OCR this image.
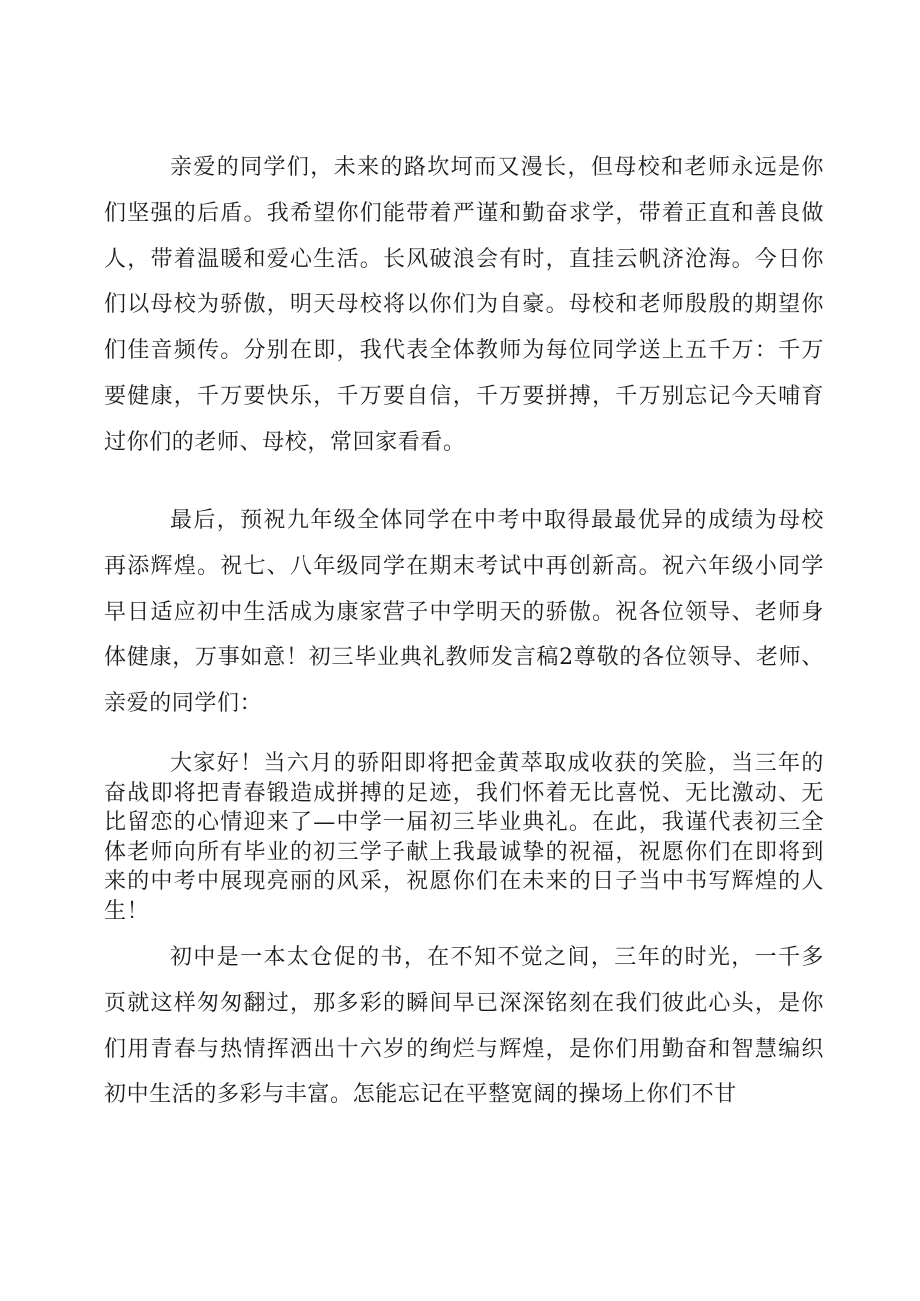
亲爱的同学们，未来的路坎坷而又漫长，但母校和老师永远是你们坚强的后盾。我希望你们能带着严谨和勤奋求学，带着正直和善良做人，带着温暖和爱心生活。长风破浪会有时，直挂云帆济沧海。今日你们以母校为骄傲，明天母校将以你们为自豪。母校和老师殷殷的期望你们佳音频传。分别在即，我代表全体教师为每位同学送上五千万：千万要健康，千万要快乐，千万要自信，千万要拼搏，千万别忘记今天哺育过你们的老师、母校，常回家看看。

最后，预祝九年级全体同学在中考中取得最最优异的成绩为母校再添辉煌。祝七、八年级同学在期末考试中再创新高。祝六年级小同学早日适应初中生活成为康家营子中学明天的骄傲。祝各位领导、老师身体健康，万事如意！初三毕业典礼教师发言稿2尊敬的各位领导、老师、亲爱的同学们：

大家好！当六月的骄阳即将把金黄萃取成收获的笑脸，当三年的奋战即将把青春锻造成拼搏的足迹，我们怀着无比喜悦、无比激动、无比留恋的心情迎来了—中学一届初三毕业典礼。在此，我谨代表初三全体老师向所有毕业的初三学子献上我最诚挚的祝福，祝愿你们在即将到来的中考中展现亮丽的风采，祝愿你们在未来的日子当中书写辉煌的人生！

初中是一本太仓促的书，在不知不觉之间，三年的时光，一千多页就这样匆匆翻过，那多彩的瞬间早已深深铭刻在我们彼此心头，是你们用青春与热情挥洒出十六岁的绚烂与辉煌，是你们用勤奋和智慧编织初中生活的多彩与丰富。怎能忘记在平整宽阔的操场上你们不甘
